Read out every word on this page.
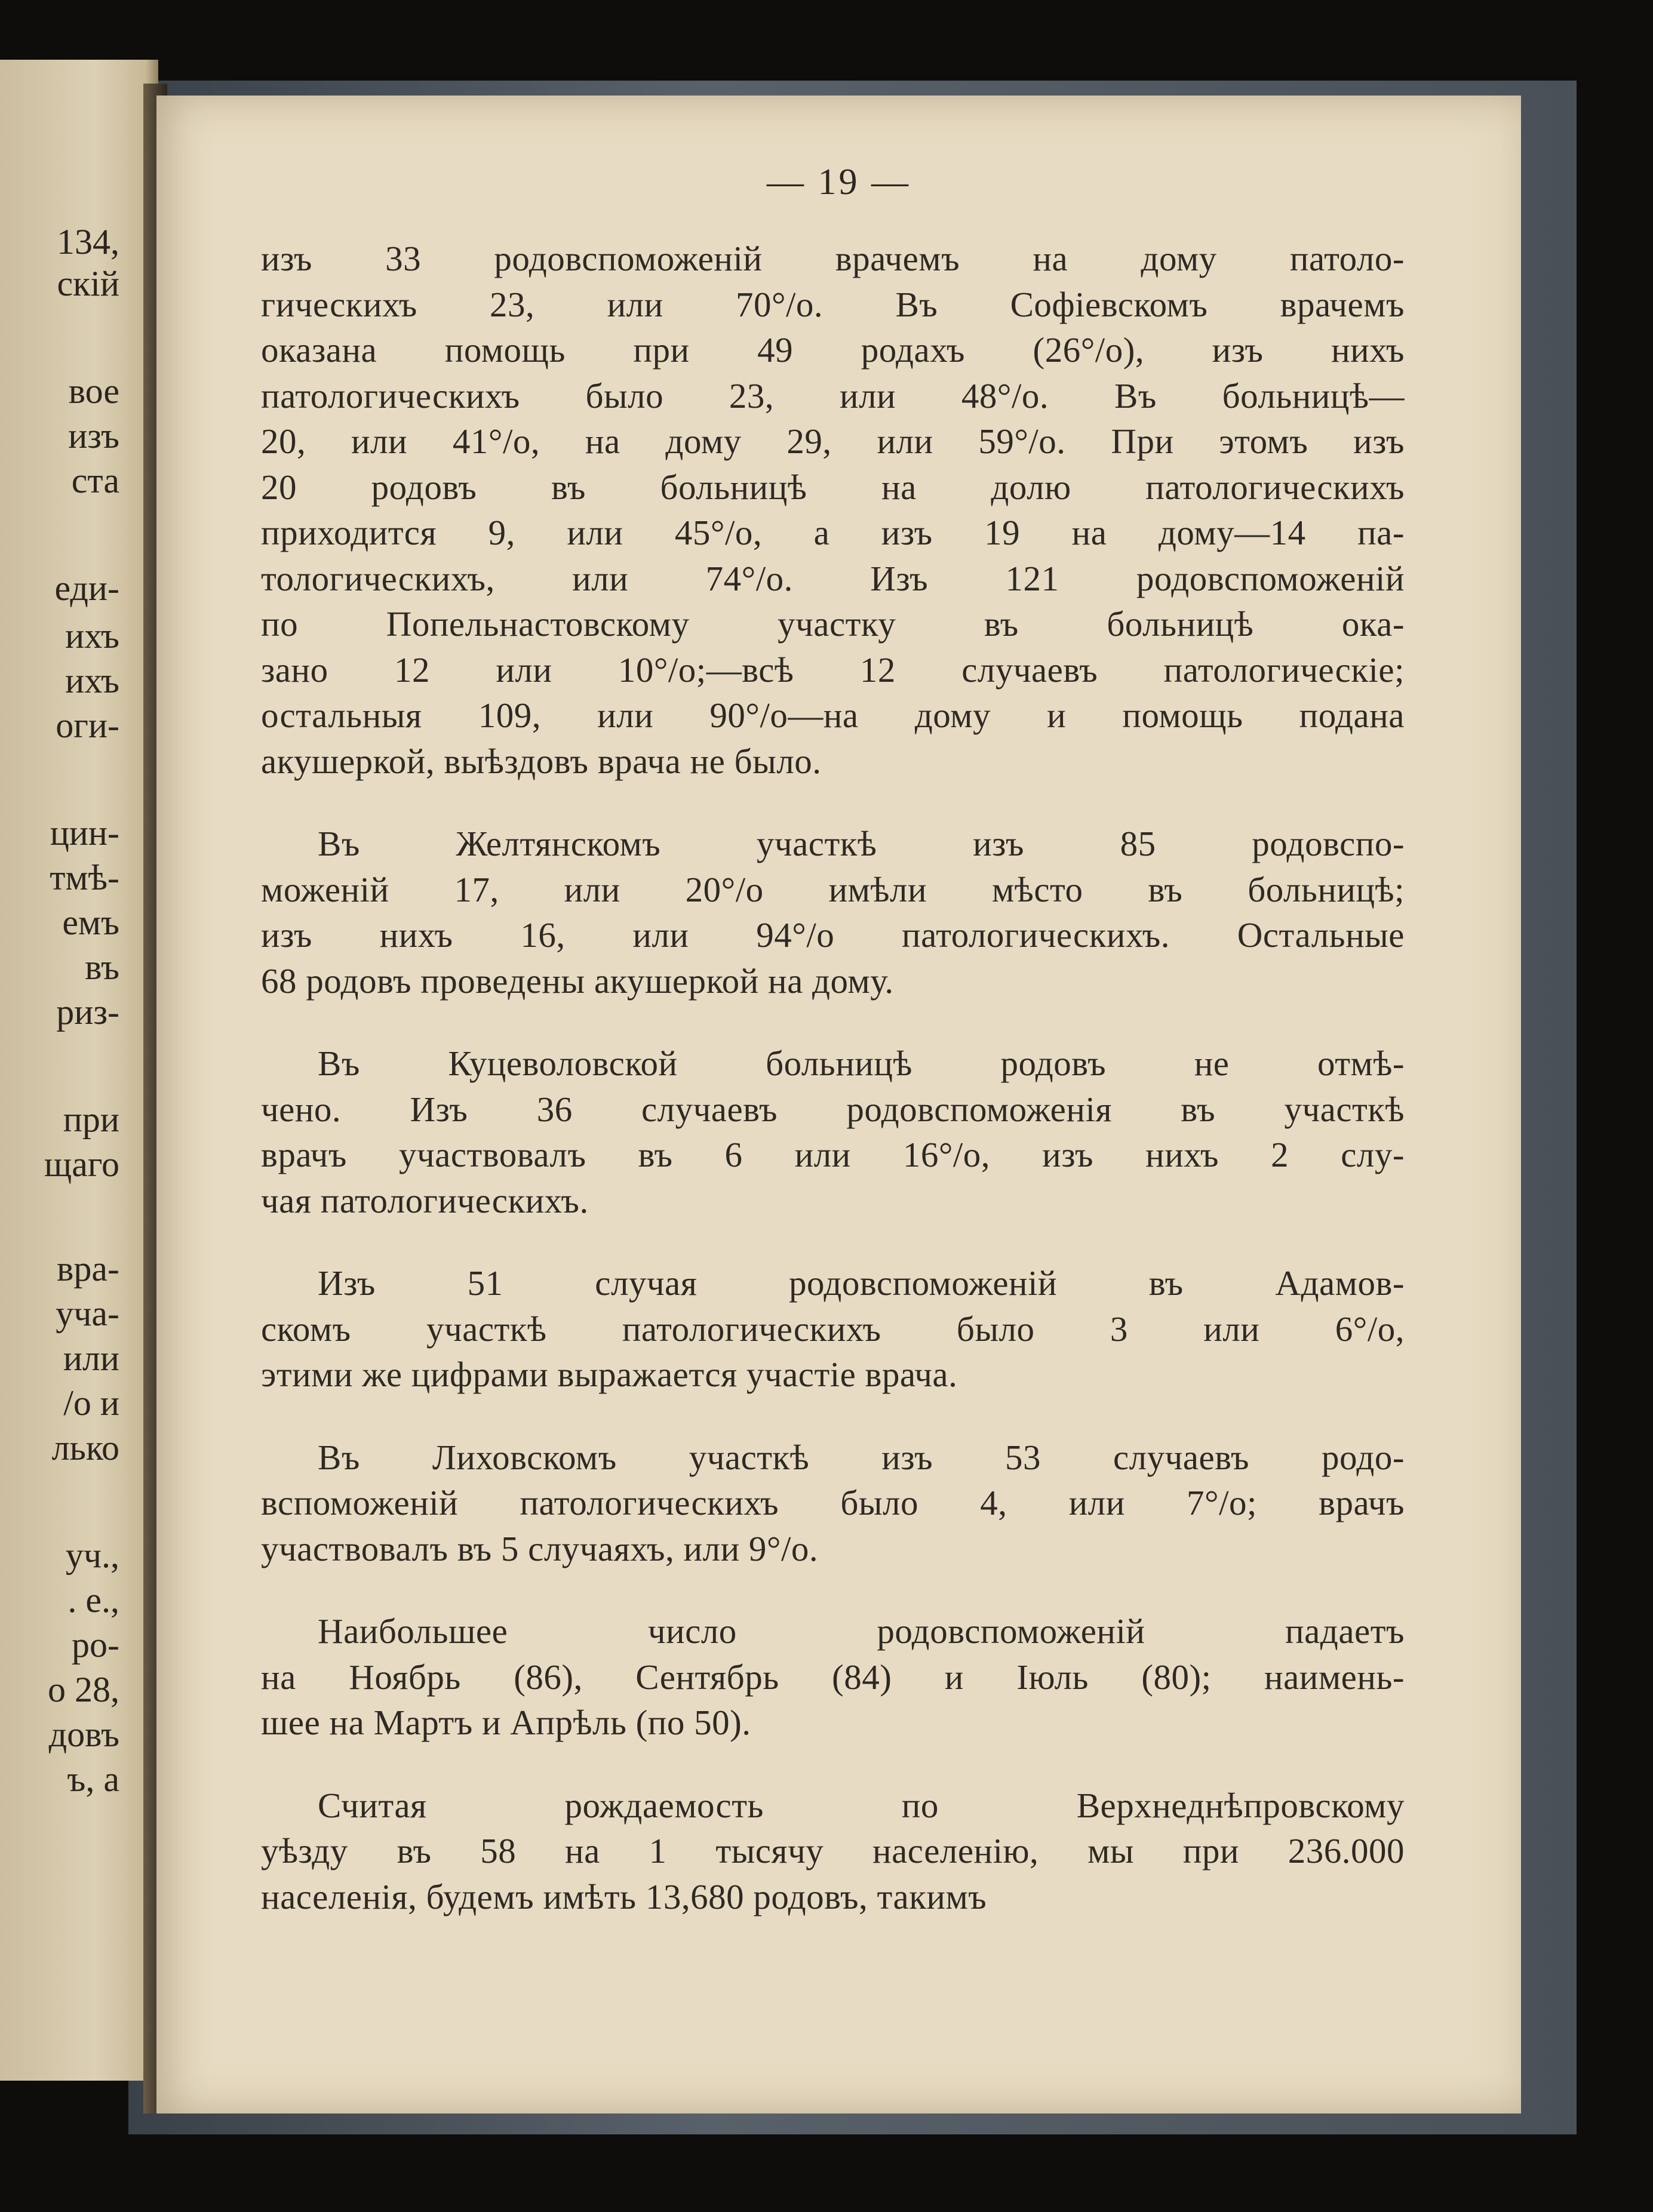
134,
скій
вое
изъ
ста
еди-
ихъ
ихъ
оги-
цин-
тмѣ-
емъ
въ
риз-
при
щаго
вра-
уча-
или
/о и
лько
уч.,
. е.,
ро-
о 28,
довъ
ъ, а
— 19 —
изъ 33 родовспоможеній врачемъ на дому патоло-
гическихъ 23, или 70°/о. Въ Софіевскомъ врачемъ
оказана помощь при 49 родахъ (26°/о), изъ нихъ
патологическихъ было 23, или 48°/о. Въ больницѣ—
20, или 41°/о, на дому 29, или 59°/о. При этомъ изъ
20 родовъ въ больницѣ на долю патологическихъ
приходится 9, или 45°/о, а изъ 19 на дому—14 па-
тологическихъ, или 74°/о. Изъ 121 родовспоможеній
по Попельнастовскому участку въ больницѣ ока-
зано 12 или 10°/о;—всѣ 12 случаевъ патологическіе;
остальныя 109, или 90°/о—на дому и помощь подана
акушеркой, выѣздовъ врача не было.
Въ Желтянскомъ участкѣ изъ 85 родовспо-
моженій 17, или 20°/о имѣли мѣсто въ больницѣ;
изъ нихъ 16, или 94°/о патологическихъ. Остальные
68 родовъ проведены акушеркой на дому.
Въ Куцеволовской больницѣ родовъ не отмѣ-
чено. Изъ 36 случаевъ родовспоможенія въ участкѣ
врачъ участвовалъ въ 6 или 16°/о, изъ нихъ 2 слу-
чая патологическихъ.
Изъ 51 случая родовспоможеній въ Адамов-
скомъ участкѣ патологическихъ было 3 или 6°/о,
этими же цифрами выражается участіе врача.
Въ Лиховскомъ участкѣ изъ 53 случаевъ родо-
вспоможеній патологическихъ было 4, или 7°/о; врачъ
участвовалъ въ 5 случаяхъ, или 9°/о.
Наибольшее число родовспоможеній падаетъ
на Ноябрь (86), Сентябрь (84) и Іюль (80); наимень-
шее на Мартъ и Апрѣль (по 50).
Считая рождаемость по Верхнеднѣпровскому
уѣзду въ 58 на 1 тысячу населенію, мы при 236.000
населенія, будемъ имѣть 13,680 родовъ, такимъ
